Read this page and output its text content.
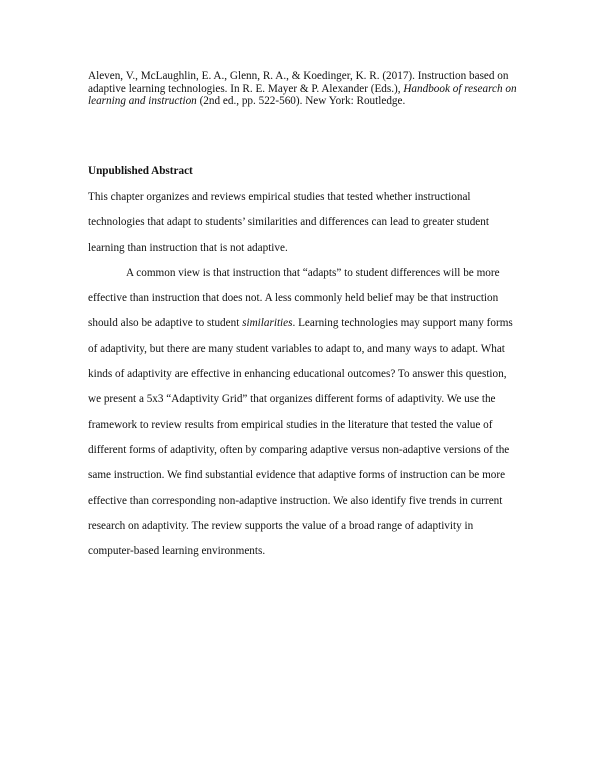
Aleven, V., McLaughlin, E. A., Glenn, R. A., & Koedinger, K. R. (2017). Instruction based on adaptive learning technologies. In R. E. Mayer & P. Alexander (Eds.), Handbook of research on learning and instruction (2nd ed., pp. 522-560). New York: Routledge.
Unpublished Abstract

This chapter organizes and reviews empirical studies that tested whether instructional technologies that adapt to students’ similarities and differences can lead to greater student learning than instruction that is not adaptive.

A common view is that instruction that “adapts” to student differences will be more effective than instruction that does not. A less commonly held belief may be that instruction should also be adaptive to student similarities. Learning technologies may support many forms of adaptivity, but there are many student variables to adapt to, and many ways to adapt. What kinds of adaptivity are effective in enhancing educational outcomes? To answer this question, we present a 5x3 “Adaptivity Grid” that organizes different forms of adaptivity. We use the framework to review results from empirical studies in the literature that tested the value of different forms of adaptivity, often by comparing adaptive versus non-adaptive versions of the same instruction. We find substantial evidence that adaptive forms of instruction can be more effective than corresponding non-adaptive instruction. We also identify five trends in current research on adaptivity. The review supports the value of a broad range of adaptivity in computer-based learning environments.
